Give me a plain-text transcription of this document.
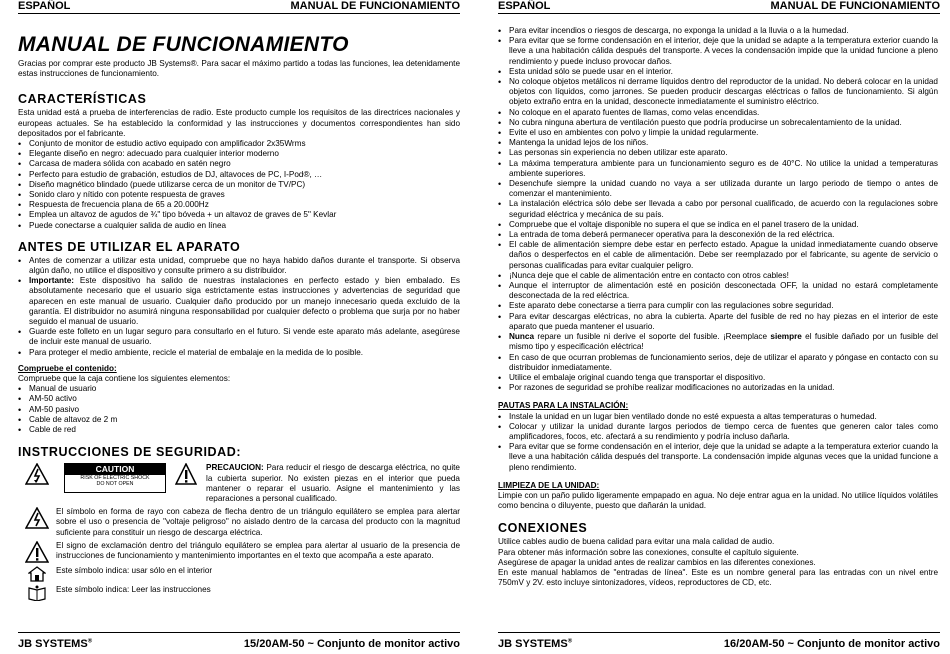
ESPAÑOL	MANUAL DE FUNCIONAMIENTO
MANUAL DE FUNCIONAMIENTO

Gracias por comprar este producto JB Systems®. Para sacar el máximo partido a todas las funciones, lea detenidamente estas instrucciones de funcionamiento.

CARACTERÍSTICAS

Esta unidad está a prueba de interferencias de radio. Este producto cumple los requisitos de las directrices nacionales y europeas actuales. Se ha establecido la conformidad y las instrucciones y documentos correspondientes han sido depositados por el fabricante.

• Conjunto de monitor de estudio activo equipado con amplificador 2x35Wrms
• Elegante diseño en negro: adecuado para cualquier interior moderno
• Carcasa de madera sólida con acabado en satén negro
• Perfecto para estudio de grabación, estudios de DJ, altavoces de PC, I-Pod®, …
• Diseño magnético blindado (puede utilizarse cerca de un monitor de TV/PC)
• Sonido claro y nítido con potente respuesta de graves
• Respuesta de frecuencia plana de 65 a 20.000Hz
• Emplea un altavoz de agudos de ¾" tipo bóveda + un altavoz de graves de 5" Kevlar
• Puede conectarse a cualquier salida de audio en línea
ANTES DE UTILIZAR EL APARATO
• Antes de comenzar a utilizar esta unidad, compruebe que no haya habido daños durante el transporte. Si observa algún daño, no utilice el dispositivo y consulte primero a su distribuidor.
• Importante: Este dispositivo ha salido de nuestras instalaciones en perfecto estado y bien embalado. Es absolutamente necesario que el usuario siga estrictamente estas instrucciones y advertencias de seguridad que aparecen en este manual de usuario. Cualquier daño producido por un manejo innecesario queda excluido de la garantía. El distribuidor no asumirá ninguna responsabilidad por cualquier defecto o problema que surja por no haber seguido el manual de usuario.
• Guarde este folleto en un lugar seguro para consultarlo en el futuro. Si vende este aparato más adelante, asegúrese de incluir este manual de usuario.
• Para proteger el medio ambiente, recicle el material de embalaje en la medida de lo posible.
Compruebe el contenido:

Compruebe que la caja contiene los siguientes elementos:

• Manual de usuario
• AM-50 activo
• AM-50 pasivo
• Cable de altavoz de 2 m
• Cable de red
INSTRUCCIONES DE SEGURIDAD:
CAUTION
RISK OF ELECTRIC SHOCK
DO NOT OPEN
PRECAUCION: Para reducir el riesgo de descarga eléctrica, no quite la cubierta superior. No existen piezas en el interior que pueda mantener o reparar el usuario. Asigne el mantenimiento y las reparaciones a personal cualificado.
El símbolo en forma de rayo con cabeza de flecha dentro de un triángulo equilátero se emplea para alertar sobre el uso o presencia de "voltaje peligroso" no aislado dentro de la carcasa del producto con la magnitud suficiente para constituir un riesgo de descarga eléctrica.
El signo de exclamación dentro del triángulo equilátero se emplea para alertar al usuario de la presencia de instrucciones de funcionamiento y mantenimiento importantes en el texto que acompaña a este aparato.
Este símbolo indica: usar sólo en el interior
Este símbolo indica: Leer las instrucciones
JB SYSTEMS®	15/20AM-50 ~ Conjunto de monitor activo
ESPAÑOL	MANUAL DE FUNCIONAMIENTO
• Para evitar incendios o riesgos de descarga, no exponga la unidad a la lluvia o a la humedad.
• Para evitar que se forme condensación en el interior, deje que la unidad se adapte a la temperatura exterior cuando la lleve a una habitación cálida después del transporte. A veces la condensación impide que la unidad funcione a pleno rendimiento y puede incluso provocar daños.
• Esta unidad sólo se puede usar en el interior.
• No coloque objetos metálicos ni derrame líquidos dentro del reproductor de la unidad. No deberá colocar en la unidad objetos con líquidos, como jarrones. Se pueden producir descargas eléctricas o fallos de funcionamiento. Si algún objeto extraño entra en la unidad, desconecte inmediatamente el suministro eléctrico.
• No coloque en el aparato fuentes de llamas, como velas encendidas.
• No cubra ninguna abertura de ventilación puesto que podría producirse un sobrecalentamiento de la unidad.
• Evite el uso en ambientes con polvo y limpie la unidad regularmente.
• Mantenga la unidad lejos de los niños.
• Las personas sin experiencia no deben utilizar este aparato.
• La máxima temperatura ambiente para un funcionamiento seguro es de 40°C. No utilice la unidad a temperaturas ambiente superiores.
• Desenchufe siempre la unidad cuando no vaya a ser utilizada durante un largo periodo de tiempo o antes de comenzar el mantenimiento.
• La instalación eléctrica sólo debe ser llevada a cabo por personal cualificado, de acuerdo con la regulaciones sobre seguridad eléctrica y mecánica de su país.
• Compruebe que el voltaje disponible no supera el que se indica en el panel trasero de la unidad.
• La entrada de toma deberá permanecer operativa para la desconexión de la red eléctrica.
• El cable de alimentación siempre debe estar en perfecto estado. Apague la unidad inmediatamente cuando observe daños o desperfectos en el cable de alimentación. Debe ser reemplazado por el fabricante, su agente de servicio o personas cualificadas para evitar cualquier peligro.
• ¡Nunca deje que el cable de alimentación entre en contacto con otros cables!
• Aunque el interruptor de alimentación esté en posición desconectada OFF, la unidad no estará completamente desconectada de la red eléctrica.
• Este aparato debe conectarse a tierra para cumplir con las regulaciones sobre seguridad.
• Para evitar descargas eléctricas, no abra la cubierta. Aparte del fusible de red no hay piezas en el interior de este aparato que pueda mantener el usuario.
• Nunca repare un fusible ni derive el soporte del fusible. ¡Reemplace siempre el fusible dañado por un fusible del mismo tipo y especificación eléctrica!
• En caso de que ocurran problemas de funcionamiento serios, deje de utilizar el aparato y póngase en contacto con su distribuidor inmediatamente.
• Utilice el embalaje original cuando tenga que transportar el dispositivo.
• Por razones de seguridad se prohíbe realizar modificaciones no autorizadas en la unidad.
PAUTAS PARA LA INSTALACIÓN:
• Instale la unidad en un lugar bien ventilado donde no esté expuesta a altas temperaturas o humedad.
• Colocar y utilizar la unidad durante largos periodos de tiempo cerca de fuentes que generen calor tales como amplificadores, focos, etc. afectará a su rendimiento y podría incluso dañarla.
• Para evitar que se forme condensación en el interior, deje que la unidad se adapte a la temperatura exterior cuando la lleve a una habitación cálida después del transporte. La condensación impide algunas veces que la unidad funcione a pleno rendimiento.
LIMPIEZA DE LA UNIDAD:

Limpie con un paño pulido ligeramente empapado en agua. No deje entrar agua en la unidad. No utilice líquidos volátiles como bencina o diluyente, puesto que dañarán la unidad.

CONEXIONES

Utilice cables audio de buena calidad para evitar una mala calidad de audio.

Para obtener más información sobre las conexiones, consulte el capítulo siguiente.

Asegúrese de apagar la unidad antes de realizar cambios en las diferentes conexiones.

En este manual hablamos de "entradas de línea". Este es un nombre general para las entradas con un nivel entre 750mV y 2V. esto incluye sintonizadores, vídeos, reproductores de CD, etc.

JB SYSTEMS®	16/20AM-50 ~ Conjunto de monitor activo
